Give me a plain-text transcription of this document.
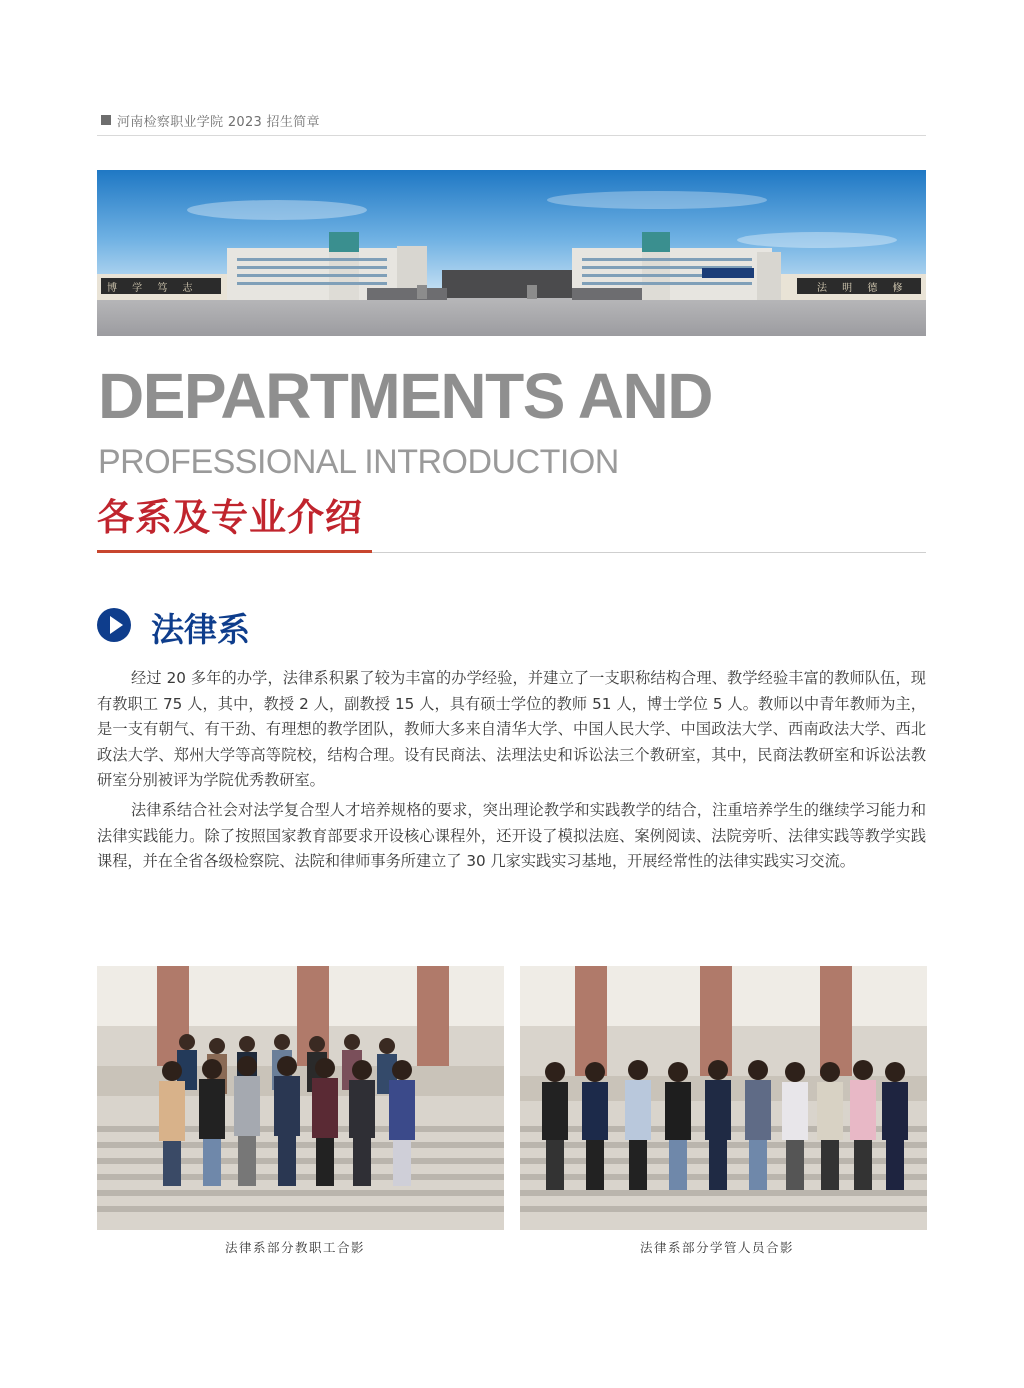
河南检察职业学院 2023 招生简章
博 学 笃 志	法 明 德 修
DEPARTMENTS AND
PROFESSIONAL INTRODUCTION
各系及专业介绍
法律系

经过 20 多年的办学，法律系积累了较为丰富的办学经验，并建立了一支职称结构合理、教学经验丰富的教师队伍，现有教职工 75 人，其中，教授 2 人，副教授 15 人，具有硕士学位的教师 51 人，博士学位 5 人。教师以中青年教师为主，是一支有朝气、有干劲、有理想的教学团队，教师大多来自清华大学、中国人民大学、中国政法大学、西南政法大学、西北政法大学、郑州大学等高等院校，结构合理。设有民商法、法理法史和诉讼法三个教研室，其中，民商法教研室和诉讼法教研室分别被评为学院优秀教研室。

法律系结合社会对法学复合型人才培养规格的要求，突出理论教学和实践教学的结合，注重培养学生的继续学习能力和法律实践能力。除了按照国家教育部要求开设核心课程外，还开设了模拟法庭、案例阅读、法院旁听、法律实践等教学实践课程，并在全省各级检察院、法院和律师事务所建立了 30 几家实践实习基地，开展经常性的法律实践实习交流。

法律系部分教职工合影	法律系部分学管人员合影
